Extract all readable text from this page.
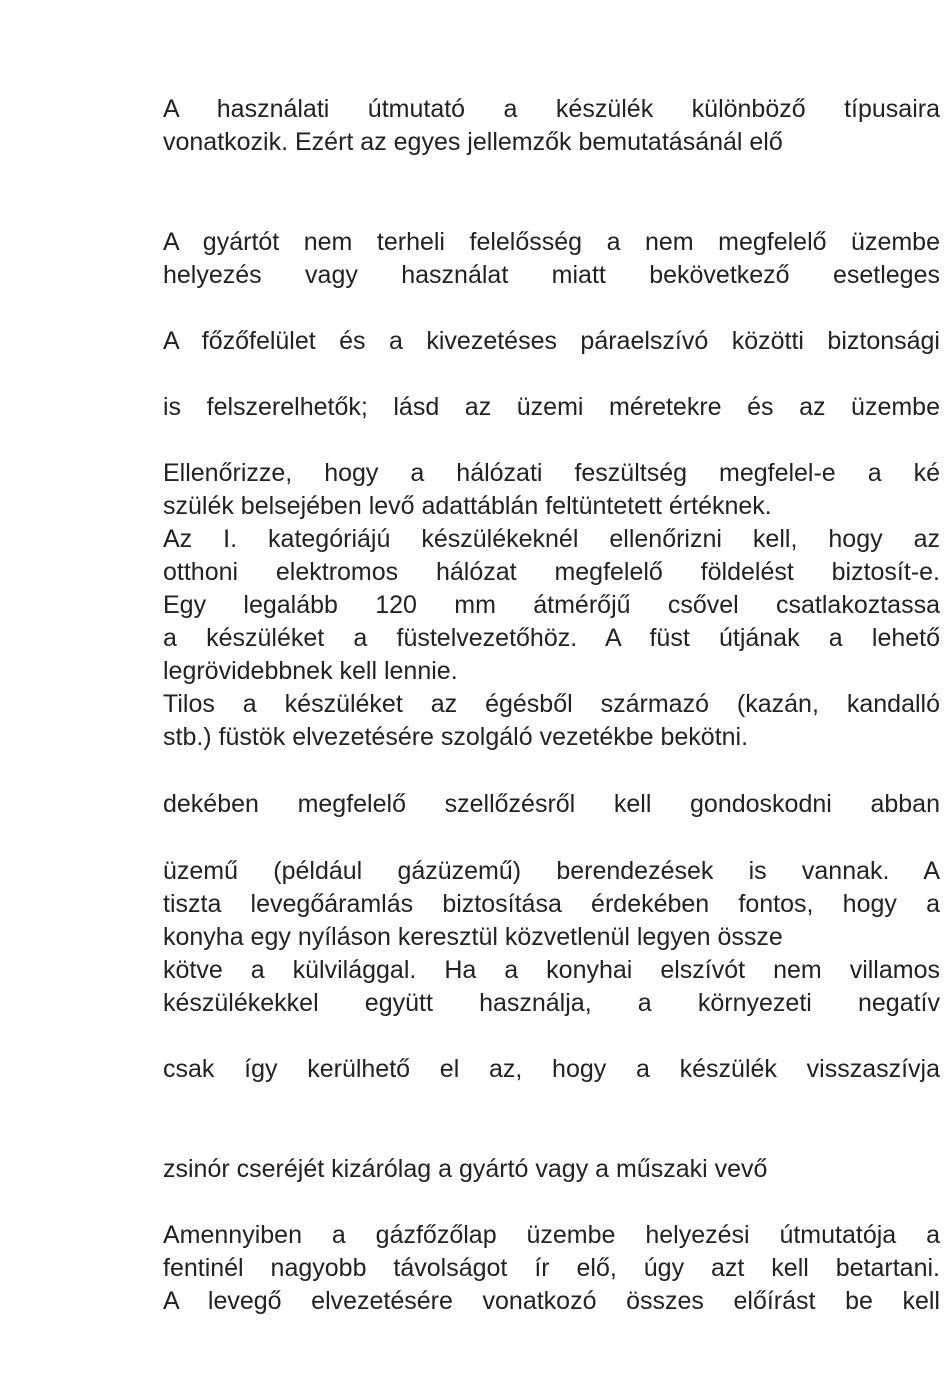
A használati útmutató a készülék különböző típusaira
vonatkozik. Ezért az egyes jellemzők bemutatásánál elő
A gyártót nem terheli felelősség a nem megfelelő üzembe
helyezés vagy használat miatt bekövetkező esetleges
A főzőfelület és a kivezetéses páraelszívó közötti biztonsági
is felszerelhetők; lásd az üzemi méretekre és az üzembe
Ellenőrizze, hogy a hálózati feszültség megfelel-e a ké
szülék belsejében levő adattáblán feltüntetett értéknek.
Az I. kategóriájú készülékeknél ellenőrizni kell, hogy az
otthoni elektromos hálózat megfelelő földelést biztosít-e.
Egy legalább 120 mm átmérőjű csővel csatlakoztassa
a készüléket a füstelvezetőhöz. A füst útjának a lehető
legrövidebbnek kell lennie.
Tilos a készüléket az égésből származó (kazán, kandalló
stb.) füstök elvezetésére szolgáló vezetékbe bekötni.
dekében megfelelő szellőzésről kell gondoskodni abban
üzemű (például gázüzemű) berendezések is vannak. A
tiszta levegőáramlás biztosítása érdekében fontos, hogy a
konyha egy nyíláson keresztül közvetlenül legyen össze
kötve a külvilággal. Ha a konyhai elszívót nem villamos
készülékekkel együtt használja, a környezeti negatív
csak így kerülhető el az, hogy a készülék visszaszívja
zsinór cseréjét kizárólag a gyártó vagy a műszaki vevő
Amennyiben a gázfőzőlap üzembe helyezési útmutatója a
fentinél nagyobb távolságot ír elő, úgy azt kell betartani.
A levegő elvezetésére vonatkozó összes előírást be kell
